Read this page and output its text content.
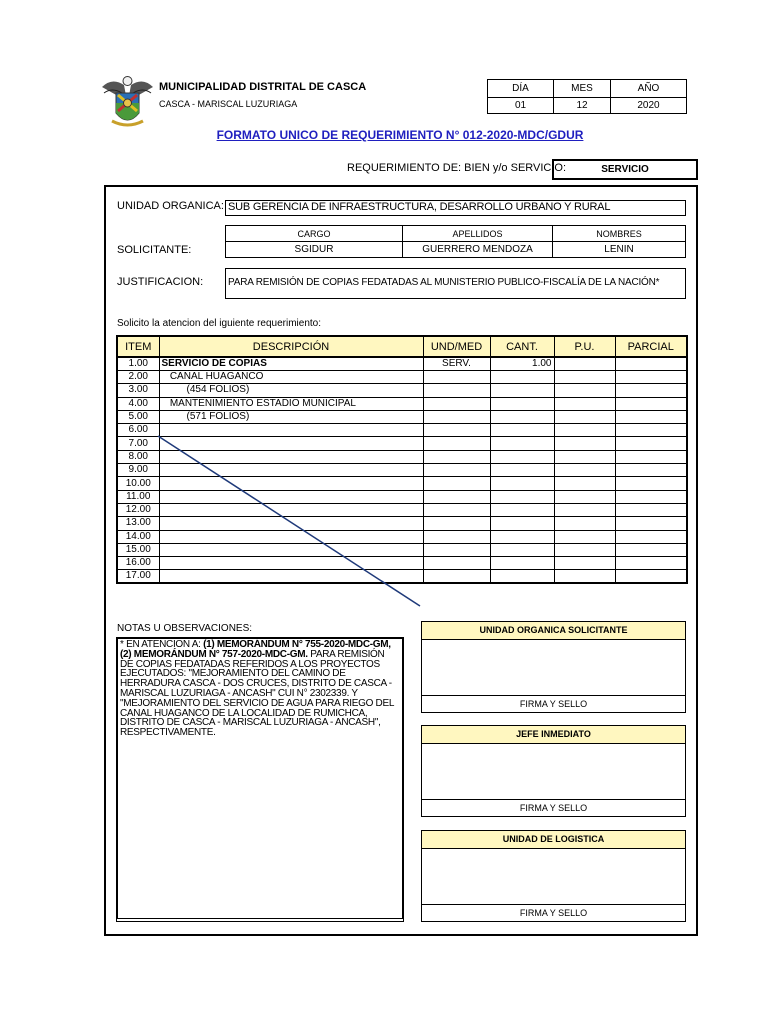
MUNICIPALIDAD DISTRITAL DE CASCA
CASCA - MARISCAL LUZURIAGA
DÍA	MES	AÑO
01	12	2020
FORMATO UNICO DE REQUERIMIENTO N° 012-2020-MDC/GDUR
REQUERIMIENTO DE: BIEN y/o SERVICIO:	SERVICIO
UNIDAD ORGANICA: SUB GERENCIA DE INFRAESTRUCTURA, DESARROLLO URBANO Y RURAL
CARGO	APELLIDOS	NOMBRES
SGIDUR	GUERRERO MENDOZA	LENIN
SOLICITANTE:
JUSTIFICACION:	PARA REMISIÓN DE COPIAS FEDATADAS AL MUNISTERIO PUBLICO-FISCALÍA DE LA NACIÓN*
Solicito la atencion del iguiente requerimiento:
ITEM	DESCRIPCIÓN	UND/MED	CANT.	P.U.	PARCIAL
1.00	SERVICIO DE COPIAS	SERV.	1.00		
2.00	CANAL HUAGANCO				
3.00	(454 FOLIOS)				
4.00	MANTENIMIENTO ESTADIO MUNICIPAL				
5.00	(571 FOLIOS)				
6.00					
7.00					
8.00					
9.00					
10.00					
11.00					
12.00					
13.00					
14.00					
15.00					
16.00					
17.00					
NOTAS U OBSERVACIONES:
* EN ATENCION A: (1) MEMORÁNDUM N° 755-2020-MDC-GM, (2) MEMORÁNDUM N° 757-2020-MDC-GM. PARA REMISIÓN DE COPIAS FEDATADAS REFERIDOS A LOS PROYECTOS EJECUTADOS: "MEJORAMIENTO DEL CAMINO DE HERRADURA CASCA - DOS CRUCES, DISTRITO DE CASCA - MARISCAL LUZURIAGA - ANCASH" CUI N° 2302339. Y "MEJORAMIENTO DEL SERVICIO DE AGUA PARA RIEGO DEL CANAL HUAGANCO DE LA LOCALIDAD DE RUMICHCA, DISTRITO DE CASCA - MARISCAL LUZURIAGA - ANCASH", RESPECTIVAMENTE.
UNIDAD ORGANICA SOLICITANTE
FIRMA Y SELLO
JEFE INMEDIATO
FIRMA Y SELLO
UNIDAD DE LOGISTICA
FIRMA Y SELLO
